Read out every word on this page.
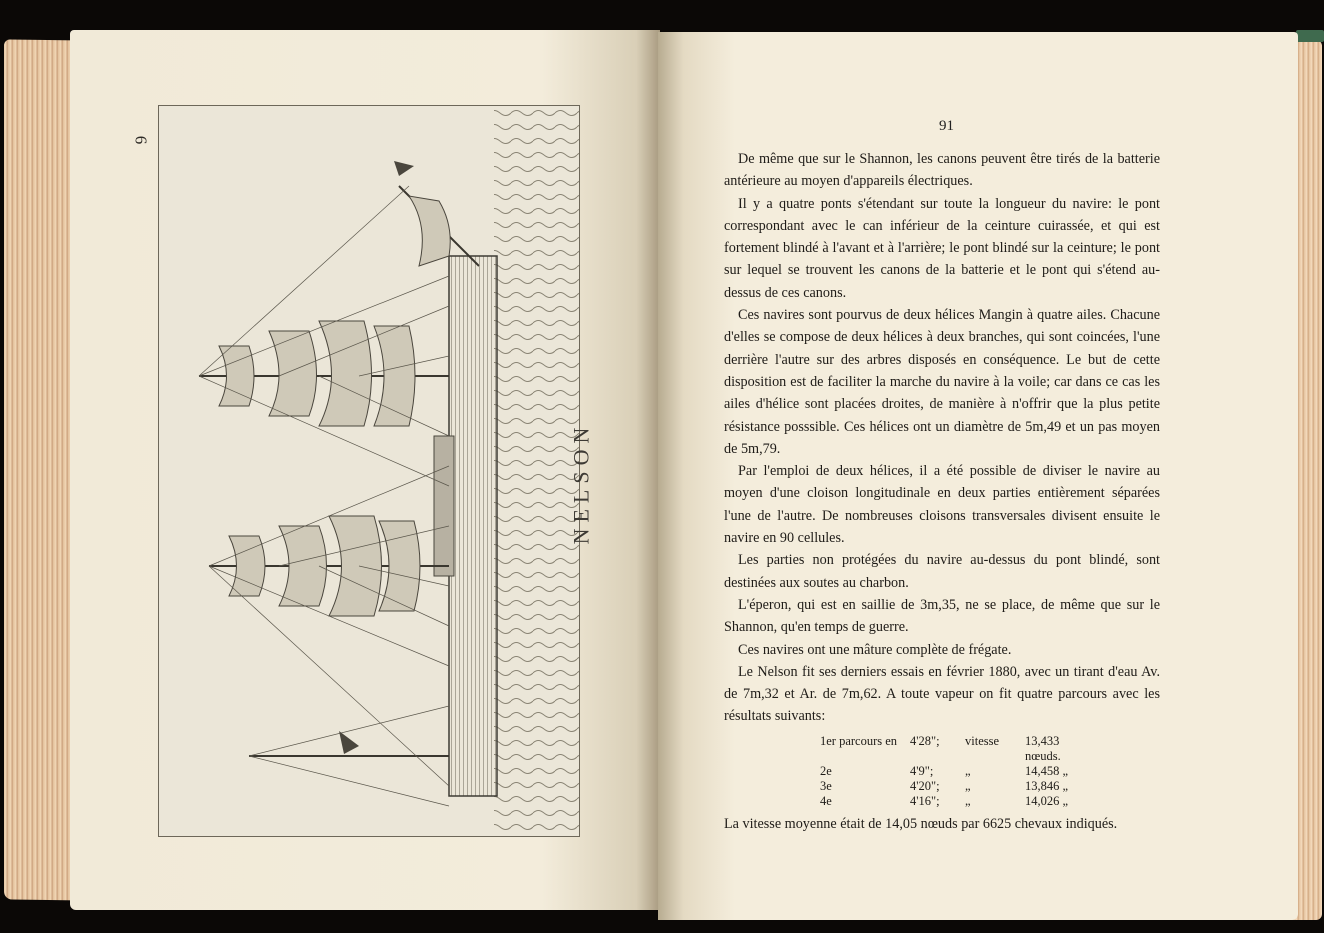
6
NELSON
91

De même que sur le Shannon, les canons peuvent être tirés de la batterie antérieure au moyen d'appareils électriques.

Il y a quatre ponts s'étendant sur toute la longueur du navire: le pont correspondant avec le can inférieur de la ceinture cuirassée, et qui est fortement blindé à l'avant et à l'arrière; le pont blindé sur la ceinture; le pont sur lequel se trouvent les canons de la batterie et le pont qui s'étend au-dessus de ces canons.

Ces navires sont pourvus de deux hélices Mangin à quatre ailes. Chacune d'elles se compose de deux hélices à deux branches, qui sont coincées, l'une derrière l'autre sur des arbres disposés en conséquence. Le but de cette disposition est de faciliter la marche du navire à la voile; car dans ce cas les ailes d'hélice sont placées droites, de manière à n'offrir que la plus petite résistance posssible. Ces hélices ont un diamètre de 5m,49 et un pas moyen de 5m,79.

Par l'emploi de deux hélices, il a été possible de diviser le navire au moyen d'une cloison longitudinale en deux parties entièrement séparées l'une de l'autre. De nombreuses cloisons transversales divisent ensuite le navire en 90 cellules.

Les parties non protégées du navire au-dessus du pont blindé, sont destinées aux soutes au charbon.

L'éperon, qui est en saillie de 3m,35, ne se place, de même que sur le Shannon, qu'en temps de guerre.

Ces navires ont une mâture complète de frégate.

Le Nelson fit ses derniers essais en février 1880, avec un tirant d'eau Av. de 7m,32 et Ar. de 7m,62. A toute vapeur on fit quatre parcours avec les résultats suivants:

1er parcours en	4'28";	vitesse	13,433 nœuds.
2e	4'9";	„	14,458 „
3e	4'20";	„	13,846 „
4e	4'16";	„	14,026 „

La vitesse moyenne était de 14,05 nœuds par 6625 chevaux indiqués.
